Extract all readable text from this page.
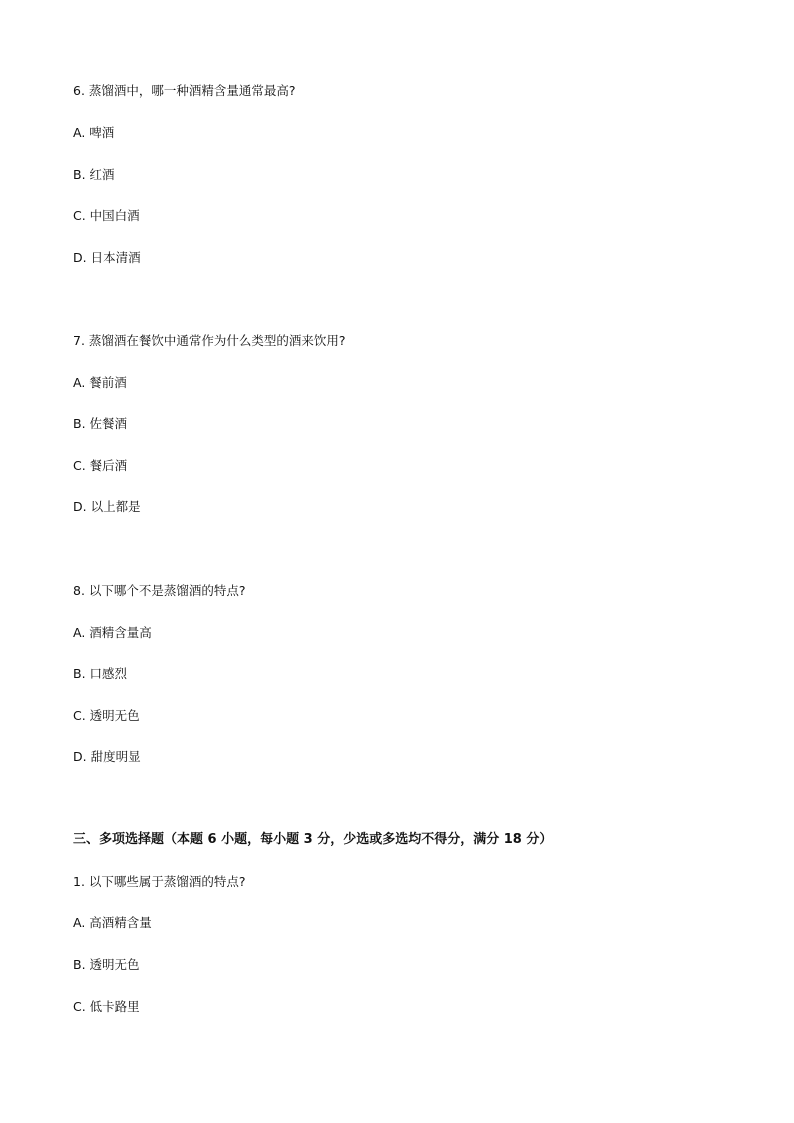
6. 蒸馏酒中，哪一种酒精含量通常最高?
A. 啤酒
B. 红酒
C. 中国白酒
D. 日本清酒
7. 蒸馏酒在餐饮中通常作为什么类型的酒来饮用?
A. 餐前酒
B. 佐餐酒
C. 餐后酒
D. 以上都是
8. 以下哪个不是蒸馏酒的特点?
A. 酒精含量高
B. 口感烈
C. 透明无色
D. 甜度明显
三、多项选择题（本题 6 小题，每小题 3 分，少选或多选均不得分，满分 18 分）
1. 以下哪些属于蒸馏酒的特点?
A. 高酒精含量
B. 透明无色
C. 低卡路里
